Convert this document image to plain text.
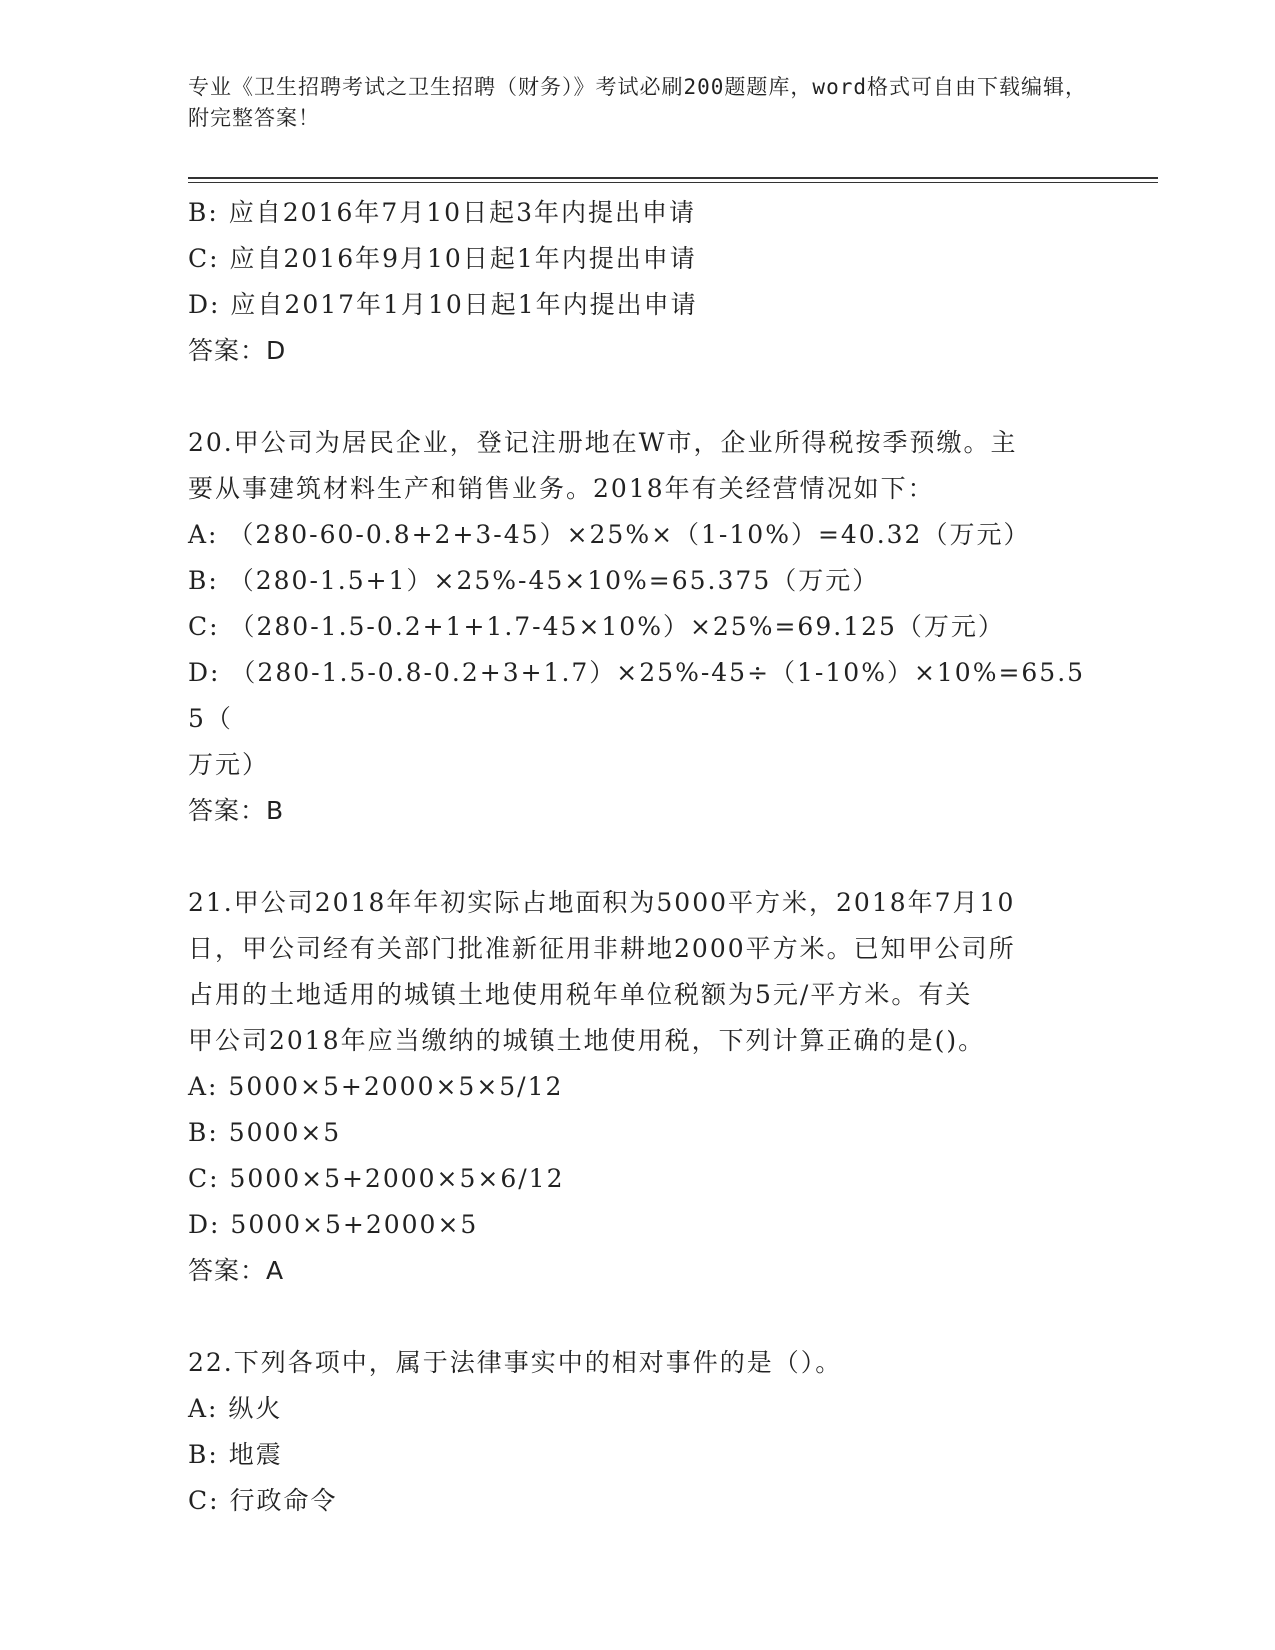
专业《卫生招聘考试之卫生招聘（财务）》考试必刷200题题库，word格式可自由下载编辑，附完整答案！
B: 应自2016年7月10日起3年内提出申请
C: 应自2016年9月10日起1年内提出申请
D: 应自2017年1月10日起1年内提出申请
答案：D
20.甲公司为居民企业，登记注册地在W市，企业所得税按季预缴。主
要从事建筑材料生产和销售业务。2018年有关经营情况如下：
A: （280-60-0.8+2+3-45）×25%×（1-10%）=40.32（万元）
B: （280-1.5+1）×25%-45×10%=65.375（万元）
C: （280-1.5-0.2+1+1.7-45×10%）×25%=69.125（万元）
D: （280-1.5-0.8-0.2+3+1.7）×25%-45÷（1-10%）×10%=65.55（
万元）
答案：B
21.甲公司2018年年初实际占地面积为5000平方米，2018年7月10
日，甲公司经有关部门批准新征用非耕地2000平方米。已知甲公司所
占用的土地适用的城镇土地使用税年单位税额为5元/平方米。有关
甲公司2018年应当缴纳的城镇土地使用税，下列计算正确的是()。
A: 5000×5+2000×5×5/12
B: 5000×5
C: 5000×5+2000×5×6/12
D: 5000×5+2000×5
答案：A
22.下列各项中，属于法律事实中的相对事件的是（）。
A: 纵火
B: 地震
C: 行政命令
